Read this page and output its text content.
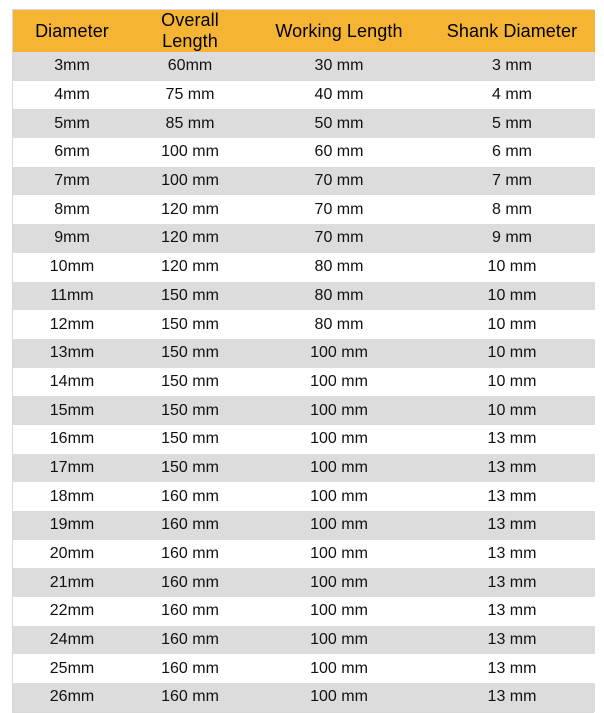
Diameter	Overall Length	Working Length	Shank Diameter
3mm	60mm	30 mm	3 mm
4mm	75 mm	40 mm	4 mm
5mm	85 mm	50 mm	5 mm
6mm	100 mm	60 mm	6 mm
7mm	100 mm	70 mm	7 mm
8mm	120 mm	70 mm	8 mm
9mm	120 mm	70 mm	9 mm
10mm	120 mm	80 mm	10 mm
11mm	150 mm	80 mm	10 mm
12mm	150 mm	80 mm	10 mm
13mm	150 mm	100 mm	10 mm
14mm	150 mm	100 mm	10 mm
15mm	150 mm	100 mm	10 mm
16mm	150 mm	100 mm	13 mm
17mm	150 mm	100 mm	13 mm
18mm	160 mm	100 mm	13 mm
19mm	160 mm	100 mm	13 mm
20mm	160 mm	100 mm	13 mm
21mm	160 mm	100 mm	13 mm
22mm	160 mm	100 mm	13 mm
24mm	160 mm	100 mm	13 mm
25mm	160 mm	100 mm	13 mm
26mm	160 mm	100 mm	13 mm
